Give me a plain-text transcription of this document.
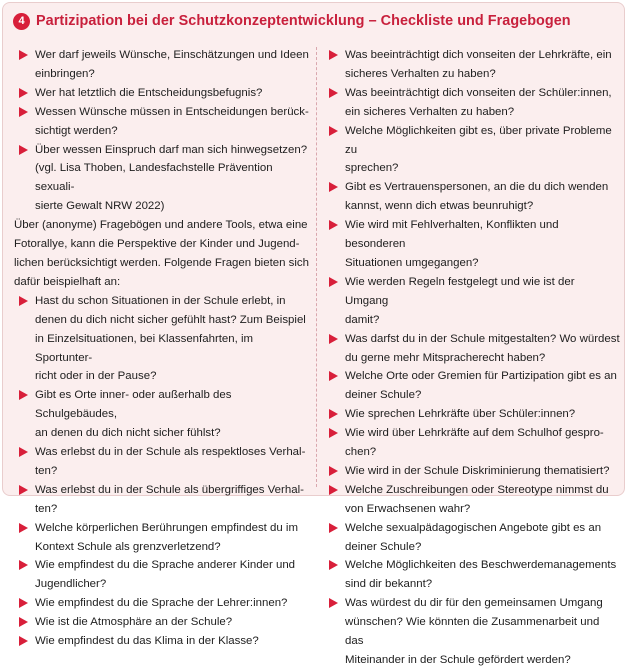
4 Partizipation bei der Schutzkonzeptentwicklung – Checkliste und Fragebogen
Wer darf jeweils Wünsche, Einschätzungen und Ideen
einbringen?
Wer hat letztlich die Entscheidungsbefugnis?
Wessen Wünsche müssen in Entscheidungen berück-
sichtigt werden?
Über wessen Einspruch darf man sich hinwegsetzen?
(vgl. Lisa Thoben, Landesfachstelle Prävention sexuali-
sierte Gewalt NRW 2022)
Über (anonyme) Fragebögen und andere Tools, etwa eine
Fotorallye, kann die Perspektive der Kinder und Jugend-
lichen berücksichtigt werden. Folgende Fragen bieten sich
dafür beispielhaft an:
Hast du schon Situationen in der Schule erlebt, in
denen du dich nicht sicher gefühlt hast? Zum Beispiel
in Einzelsituationen, bei Klassenfahrten, im Sportunter-
richt oder in der Pause?
Gibt es Orte inner- oder außerhalb des Schulgebäudes,
an denen du dich nicht sicher fühlst?
Was erlebst du in der Schule als respektloses Verhal-
ten?
Was erlebst du in der Schule als übergriffiges Verhal-
ten?
Welche körperlichen Berührungen empfindest du im
Kontext Schule als grenzverletzend?
Wie empfindest du die Sprache anderer Kinder und
Jugendlicher?
Wie empfindest du die Sprache der Lehrer:innen?
Wie ist die Atmosphäre an der Schule?
Wie empfindest du das Klima in der Klasse?
Was beeinträchtigt dich vonseiten der Lehrkräfte, ein
sicheres Verhalten zu haben?
Was beeinträchtigt dich vonseiten der Schüler:innen,
ein sicheres Verhalten zu haben?
Welche Möglichkeiten gibt es, über private Probleme zu
sprechen?
Gibt es Vertrauenspersonen, an die du dich wenden
kannst, wenn dich etwas beunruhigt?
Wie wird mit Fehlverhalten, Konflikten und besonderen
Situationen umgegangen?
Wie werden Regeln festgelegt und wie ist der Umgang
damit?
Was darfst du in der Schule mitgestalten? Wo würdest
du gerne mehr Mitspracherecht haben?
Welche Orte oder Gremien für Partizipation gibt es an
deiner Schule?
Wie sprechen Lehrkräfte über Schüler:innen?
Wie wird über Lehrkräfte auf dem Schulhof gespro-
chen?
Wie wird in der Schule Diskriminierung thematisiert?
Welche Zuschreibungen oder Stereotype nimmst du
von Erwachsenen wahr?
Welche sexualpädagogischen Angebote gibt es an
deiner Schule?
Welche Möglichkeiten des Beschwerdemanagements
sind dir bekannt?
Was würdest du dir für den gemeinsamen Umgang
wünschen? Wie könnten die Zusammenarbeit und das
Miteinander in der Schule gefördert werden?
